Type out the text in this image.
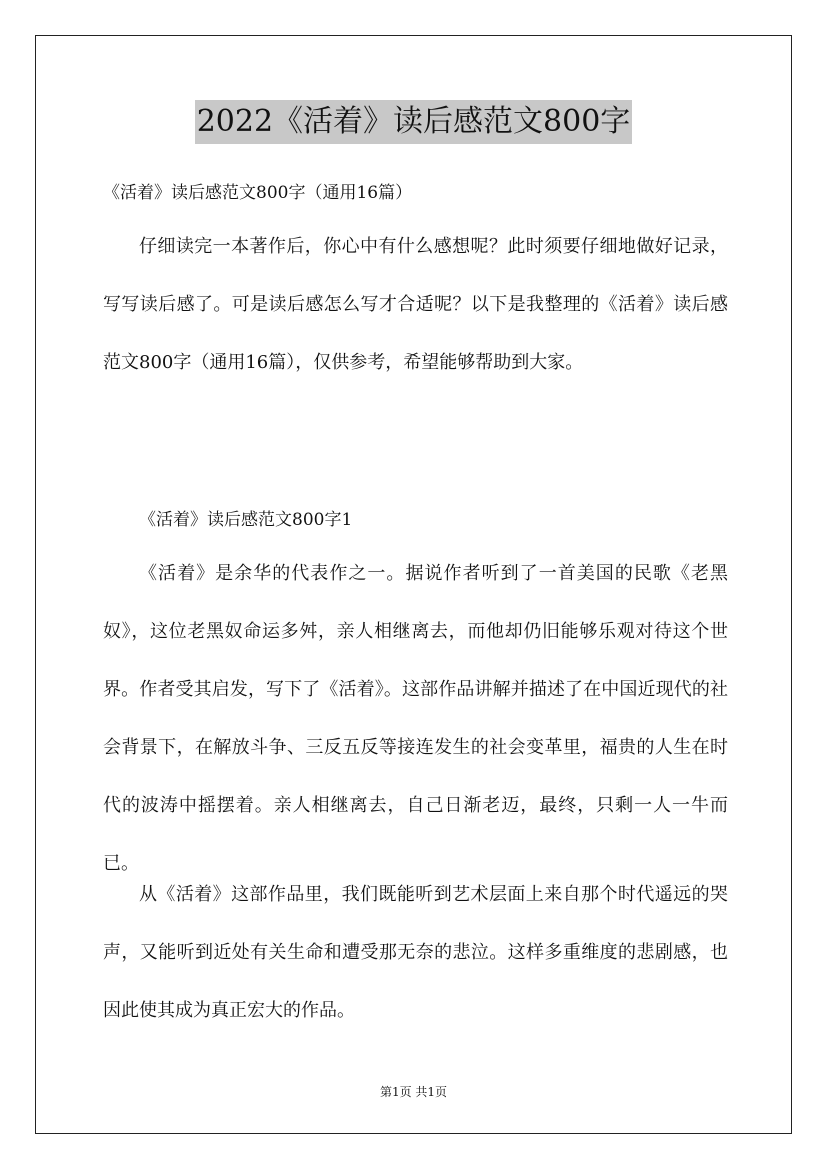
2022《活着》读后感范文800字
《活着》读后感范文800字（通用16篇）

仔细读完一本著作后，你心中有什么感想呢？此时须要仔细地做好记录，写写读后感了。可是读后感怎么写才合适呢？以下是我整理的《活着》读后感范文800字（通用16篇），仅供参考，希望能够帮助到大家。

《活着》读后感范文800字1

《活着》是余华的代表作之一。据说作者听到了一首美国的民歌《老黑奴》，这位老黑奴命运多舛，亲人相继离去，而他却仍旧能够乐观对待这个世界。作者受其启发，写下了《活着》。这部作品讲解并描述了在中国近现代的社会背景下，在解放斗争、三反五反等接连发生的社会变革里，福贵的人生在时代的波涛中摇摆着。亲人相继离去，自己日渐老迈，最终，只剩一人一牛而已。

从《活着》这部作品里，我们既能听到艺术层面上来自那个时代遥远的哭声，又能听到近处有关生命和遭受那无奈的悲泣。这样多重维度的悲剧感，也因此使其成为真正宏大的作品。

第1页 共1页
